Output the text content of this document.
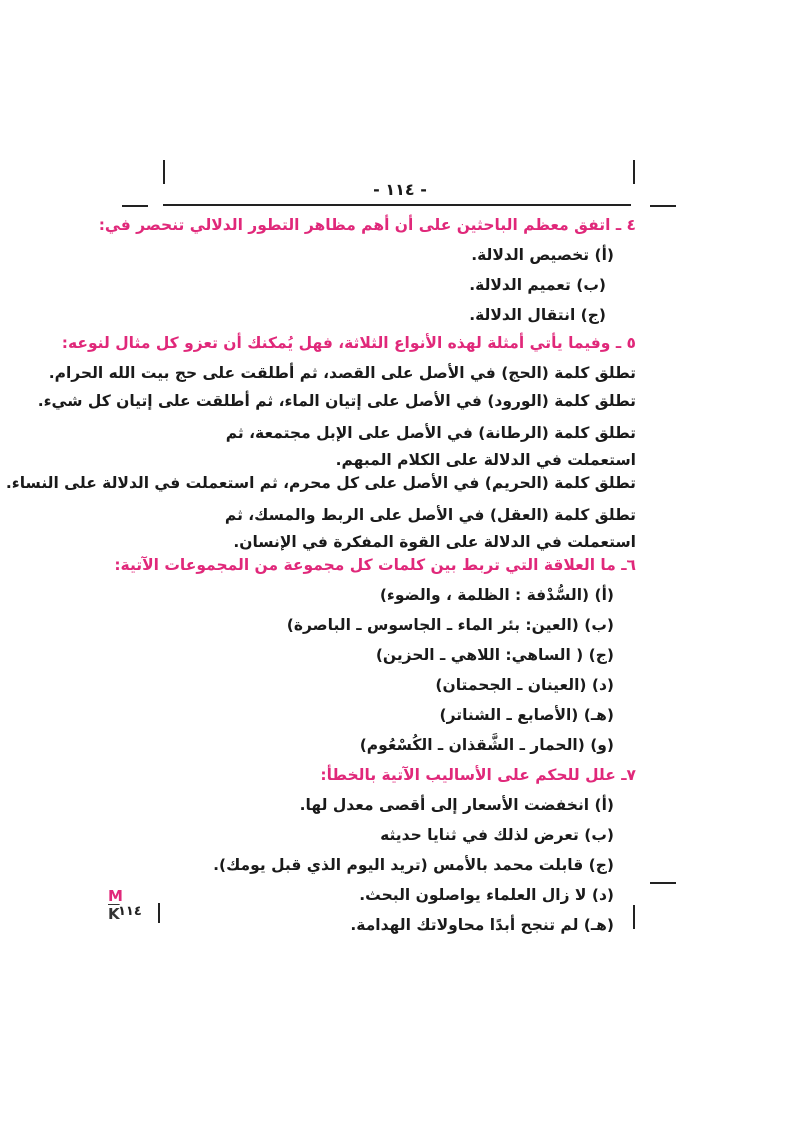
- ١١٤ -
٤ ـ اتفق معظم الباحثين على أن أهم مظاهر التطور الدلالي تنحصر في:
(أ) تخصيص الدلالة.
(ب) تعميم الدلالة.
(ج) انتقال الدلالة.
٥ ـ وفيما يأتي أمثلة لهذه الأنواع الثلاثة، فهل يُمكنك أن تعزو كل مثال لنوعه:
تطلق كلمة (الحج) في الأصل على القصد، ثم أطلقت على حج بيت الله الحرام.
تطلق كلمة (الورود) في الأصل على إتيان الماء، ثم أطلقت على إتيان كل شيء.
تطلق كلمة (الرطانة) في الأصل على الإبل مجتمعة، ثم استعملت في الدلالة على الكلام المبهم.
تطلق كلمة (الحريم) في الأصل على كل محرم، ثم استعملت في الدلالة على النساء.
تطلق كلمة (العقل) في الأصل على الربط والمسك، ثم استعملت في الدلالة على القوة المفكرة في الإنسان.
٦ـ ما العلاقة التي تربط بين كلمات كل مجموعة من المجموعات الآتية:
(أ) (السُّدْفة : الظلمة ، والضوء)
(ب) (العين: بئر الماء ـ الجاسوس ـ الباصرة)
(ج) ( الساهي: اللاهي ـ الحزين)
(د) (العينان ـ الجحمتان)
(هـ) (الأصابع ـ الشناتر)
(و) (الحمار ـ الشَّقذان ـ الكُسْعُوم)
٧ـ علل للحكم على الأساليب الآتية بالخطأ:
(أ) انخفضت الأسعار إلى أقصى معدل لها.
(ب) تعرض لذلك في ثنايا حديثه
(ج) قابلت محمد بالأمس (تريد اليوم الذي قبل يومك).
(د) لا زال العلماء يواصلون البحث.
(هـ) لم تنجح أبدًا محاولاتك الهدامة.
M $\overline{K}$
١١٤
